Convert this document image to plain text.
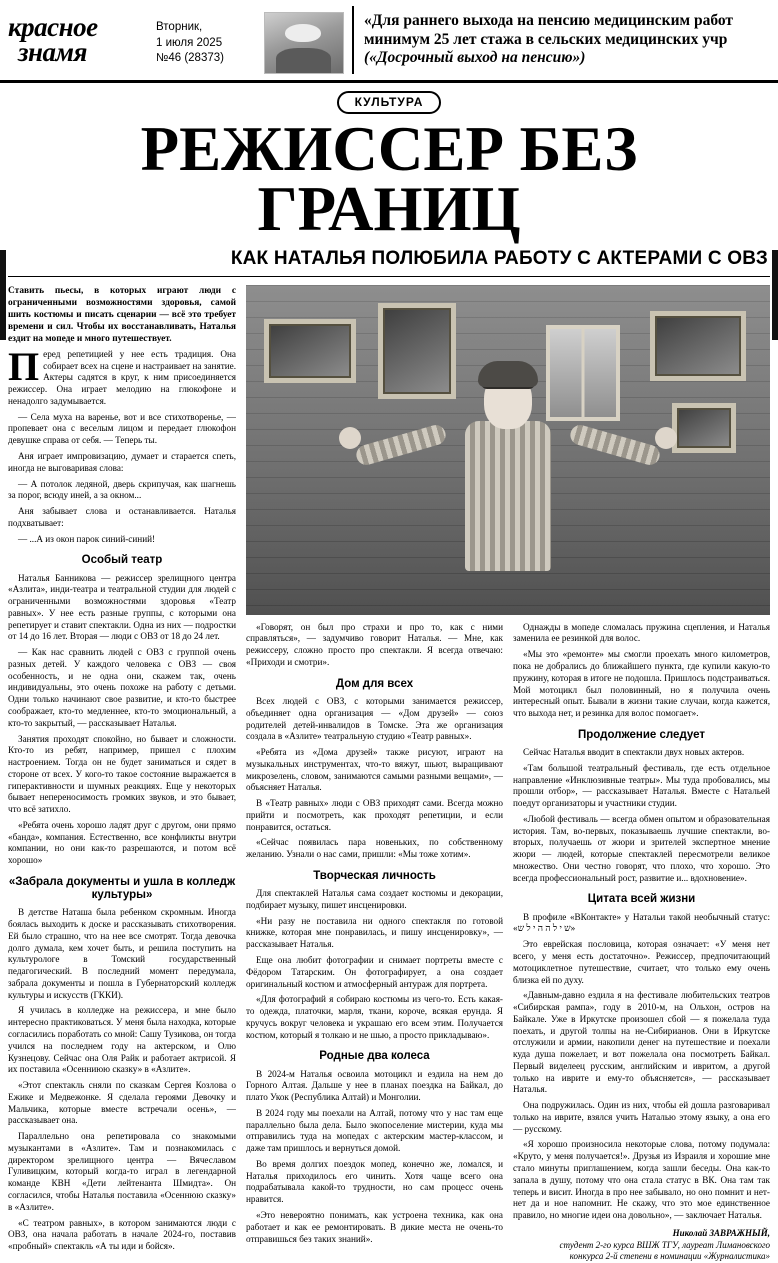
красное
знамя
Вторник,
1 июля 2025
№46 (28373)
«Для раннего выхода на пенсию медицинским работ
минимум 25 лет стажа в сельских медицинских учр
(«Досрочный выход на пенсию»)
КУЛЬТУРА
РЕЖИССЕР БЕЗ ГРАНИЦ
КАК НАТАЛЬЯ ПОЛЮБИЛА РАБОТУ С АКТЕРАМИ С ОВЗ

Ставить пьесы, в которых играют люди с ограниченными возможностями здоровья, самой шить костюмы и писать сценарии — всё это требует времени и сил. Чтобы их восстанавливать, Наталья ездит на мопеде и много путешествует.

П еред репетицией у нее есть традиция. Она собирает всех на сцене и настраивает на занятие. Актеры садятся в круг, к ним присоединяется режиссер. Она играет мелодию на глюкофоне и ненадолго задумывается.

— Села муха на варенье, вот и все стихотворенье, — пропевает она с веселым лицом и передает глюкофон девушке справа от себя. — Теперь ты.

Аня играет импровизацию, думает и старается спеть, иногда не выговаривая слова:

— А потолок ледяной, дверь скрипучая, как шагнешь за порог, всюду иней, а за окном...

Аня забывает слова и останавливается. Наталья подхватывает:

— ...А из окон парок синий-синий!

Особый театр

Наталья Банникова — режиссер зрелищного центра «Азлита», инди-театра и театральной студии для людей с ограниченными возможностями здоровья «Театр равных». У нее есть разные группы, с которыми она репетирует и ставит спектакли. Одна из них — подростки от 14 до 16 лет. Вторая — люди с ОВЗ от 18 до 24 лет.

— Как нас сравнить людей с ОВЗ с группой очень разных детей. У каждого человека с ОВЗ — своя особенность, и не одна они, скажем так, очень индивидуальны, это очень похоже на работу с детьми. Одни только начинают свое развитие, и кто-то быстрее соображает, кто-то медленнее, кто-то эмоциональный, а кто-то закрытый, — рассказывает Наталья.

Занятия проходят спокойно, но бывает и сложности. Кто-то из ребят, например, пришел с плохим настроением. Тогда он не будет заниматься и сядет в стороне от всех. У кого-то такое состояние выражается в гиперактивности и шумных реакциях. Еще у некоторых бывает непереносимость громких звуков, и это бывает, что всё затихло.

«Ребята очень хорошо ладят друг с другом, они прямо «банда», компания. Естественно, все конфликты внутри компании, но они как-то разрешаются, и потом всё хорошо»

«Забрала документы и ушла в колледж культуры»

В детстве Наташа была ребенком скромным. Иногда боялась выходить к доске и рассказывать стихотворения. Ей было страшно, что на нее все смотрят. Тогда девочка долго думала, кем хочет быть, и решила поступить на культурологе в Томский государственный педагогический. В последний момент передумала, забрала документы и пошла в Губернаторский колледж культуры и искусств (ГККИ).

Я училась в колледже на режиссера, и мне было интересно практиковаться. У меня была находка, которые согласились поработать со мной: Сашу Тузикова, он тогда учился на последнем году на актерском, и Олю Кузнецову. Сейчас она Оля Райк и работает актрисой. Я их поставила «Осенниюю сказку» в «Азлите».

«Этот спектакль сняли по сказкам Сергея Козлова о Ежике и Медвежонке. Я сделала героями Девочку и Мальчика, которые вместе встречали осень», — рассказывает она.

Параллельно она репетировала со знакомыми музыкантами в «Азлите». Там и познакомилась с директором зрелищного центра — Вячеславом Гуливицким, который когда-то играл в легендарной команде КВН «Дети лейтенанта Шмидта». Он согласился, чтобы Наталья поставила «Осеннюю сказку» в «Азлите».

«С театром равных», в котором занимаются люди с ОВЗ, она начала работать в начале 2024-го, поставив «пробный» спектакль «А ты иди и бойся».

«Говорят, он был про страхи и про то, как с ними справляться», — задумчиво говорит Наталья. — Мне, как режиссеру, сложно просто про спектакли. Я всегда отвечаю: «Приходи и смотри».

Дом для всех

Всех людей с ОВЗ, с которыми занимается режиссер, объединяет одна организация — «Дом друзей» — союз родителей детей-инвалидов в Томске. Эта же организация создала в «Азлите» театральную студию «Театр равных».

«Ребята из «Дома друзей» также рисуют, играют на музыкальных инструментах, что-то вяжут, шьют, выращивают микрозелень, словом, занимаются самыми разными вещами», — объясняет Наталья.

В «Театр равных» люди с ОВЗ приходят сами. Всегда можно прийти и посмотреть, как проходят репетиции, и если понравится, остаться.

«Сейчас появилась пара новеньких, по собственному желанию. Узнали о нас сами, пришли: «Мы тоже хотим».

Творческая личность

Для спектаклей Наталья сама создает костюмы и декорации, подбирает музыку, пишет инсценировки.

«Ни разу не поставила ни одного спектакля по готовой книжке, которая мне понравилась, и пишу инсценировку», — рассказывает Наталья.

Еще она любит фотографии и снимает портреты вместе с Фёдором Татарским. Он фотографирует, а она создает оригинальный костюм и атмосферный антураж для портрета.

«Для фотографий я собираю костюмы из чего-то. Есть какая-то одежда, платочки, марля, ткани, короче, всякая ерунда. Я кручусь вокруг человека и украшаю его всем этим. Получается костюм, который я толкаю и не шью, а просто прикладываю».

Родные два колеса

В 2024-м Наталья освоила мотоцикл и ездила на нем до Горного Алтая. Дальше у нее в планах поездка на Байкал, до плато Укок (Республика Алтай) и Монголии.

В 2024 году мы поехали на Алтай, потому что у нас там еще параллельно была дела. Было экопоселение мистерии, куда мы отправились туда на мопедах с актерским мастер-классом, и даже там пришлось и вернуться домой.

Во время долгих поездок мопед, конечно же, ломался, и Наталья приходилось его чинить. Хотя чаще всего она подрабатывала какой-то трудности, но сам процесс очень нравится.

«Это невероятно понимать, как устроена техника, как она работает и как ее ремонтировать. В дикие места не очень-то отправишься без таких знаний».

Однажды в мопеде сломалась пружина сцепления, и Наталья заменила ее резинкой для волос.

«Мы это «ремонте» мы смогли проехать много километров, пока не добрались до ближайшего пункта, где купили какую-то пружину, которая в итоге не подошла. Пришлось подстраиваться. Мой мотоцикл был половинный, но я получила очень интересный опыт. Бывали в жизни такие случаи, когда кажется, что выхода нет, и резинка для волос помогает».

Продолжение следует

Сейчас Наталья вводит в спектакли двух новых актеров.

«Там большой театральный фестиваль, где есть отдельное направление «Инклюзивные театры». Мы туда пробовались, мы прошли отбор», — рассказывает Наталья. Вместе с Натальей поедут организаторы и участники студии.

«Любой фестиваль — всегда обмен опытом и образовательная история. Там, во-первых, показываешь лучшие спектакли, во-вторых, получаешь от жюри и зрителей экспертное мнение жюри — людей, которые спектаклей пересмотрели великое множество. Они честно говорят, что плохо, что хорошо. Это всегда профессиональный рост, развитие и... вдохновение».

Цитата всей жизни

В профиле «ВКонтакте» у Натальи такой необычный статус: «ש י ל ה ה י ל ש»

Это еврейская пословица, которая означает: «У меня нет всего, у меня есть достаточно». Режиссер, предпочитающий мотоциклетное путешествие, считает, что только ему очень близка ей по духу.

«Давным-давно ездила я на фестивале любительских театров «Сибирская рампа», году в 2010-м, на Ольхон, остров на Байкале. Уже в Иркутске произошел сбой — я пожелала туда поехать, и другой толпы на не-Сибирианов. Они в Иркутске отслужили и армии, накопили денег на путешествие и поехали куда душа пожелает, и вот пожелала она посмотреть Байкал. Первый виделеец русским, английским и ивритом, а другой только на иврите и ему-то объясняется», — рассказывает Наталья.

Она подружилась. Один из них, чтобы ей дошла разговаривал только на иврите, взялся учить Наталью этому языку, а она его — русскому.

«Я хорошо произносила некоторые слова, потому подумала: «Круто, у меня получается!». Друзья из Израиля и хорошие мне стало минуты приглашением, когда зашли беседы. Она как-то запала в душу, потому что она стала статус в ВК. Она там так теперь и висит. Иногда в про нее забывало, но оно помнит и нет-нет да и ное напомнит. Не скажу, что это мое единственное правило, но многие идеи она довольно», — заключает Наталья.

Николай ЗАВРАЖНЫЙ,
студент 2-го курса ВШЖ ТГУ, лауреат Лимановского
конкурса 2-й степени в номинации «Журналистика»
